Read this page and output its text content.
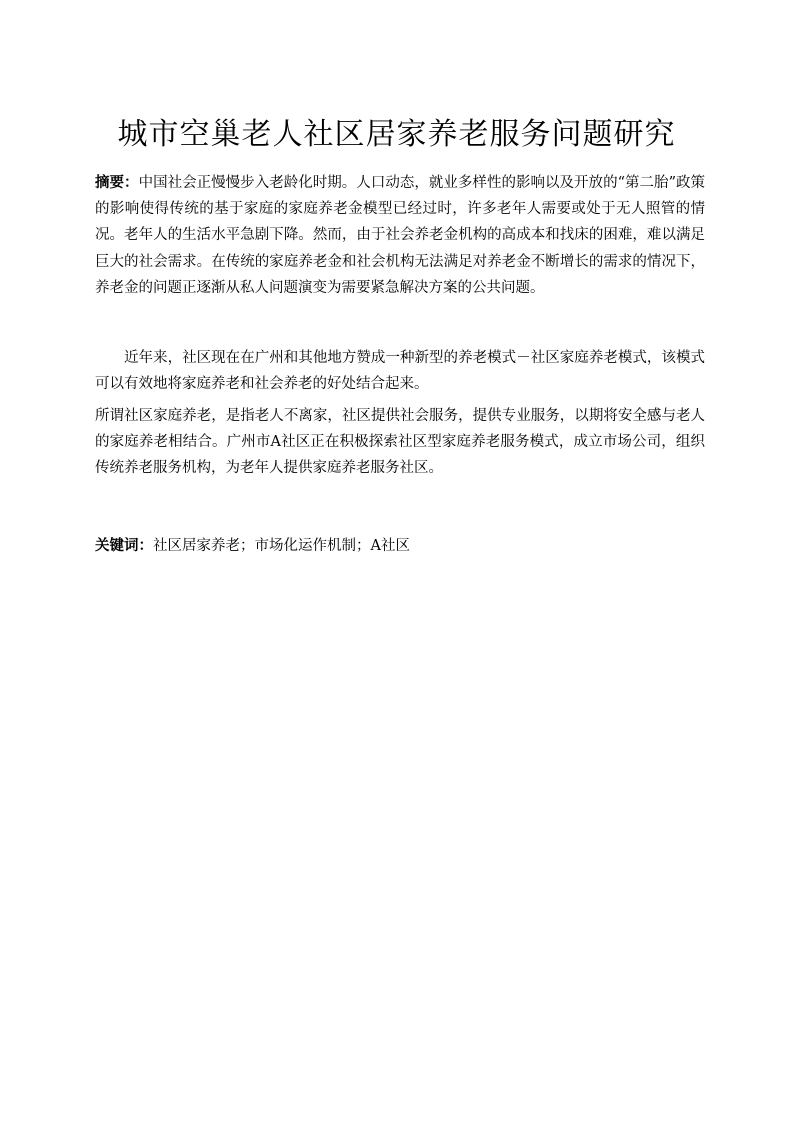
城市空巢老人社区居家养老服务问题研究

摘要：中国社会正慢慢步入老龄化时期。人口动态，就业多样性的影响以及开放的“第二胎”政策的影响使得传统的基于家庭的家庭养老金模型已经过时，许多老年人需要或处于无人照管的情况。老年人的生活水平急剧下降。然而，由于社会养老金机构的高成本和找床的困难，难以满足巨大的社会需求。在传统的家庭养老金和社会机构无法满足对养老金不断增长的需求的情况下，养老金的问题正逐渐从私人问题演变为需要紧急解决方案的公共问题。

近年来，社区现在在广州和其他地方赞成一种新型的养老模式－社区家庭养老模式，该模式可以有效地将家庭养老和社会养老的好处结合起来。

所谓社区家庭养老，是指老人不离家，社区提供社会服务，提供专业服务，以期将安全感与老人的家庭养老相结合。广州市A社区正在积极探索社区型家庭养老服务模式，成立市场公司，组织传统养老服务机构，为老年人提供家庭养老服务社区。

关键词：社区居家养老；市场化运作机制；A社区
